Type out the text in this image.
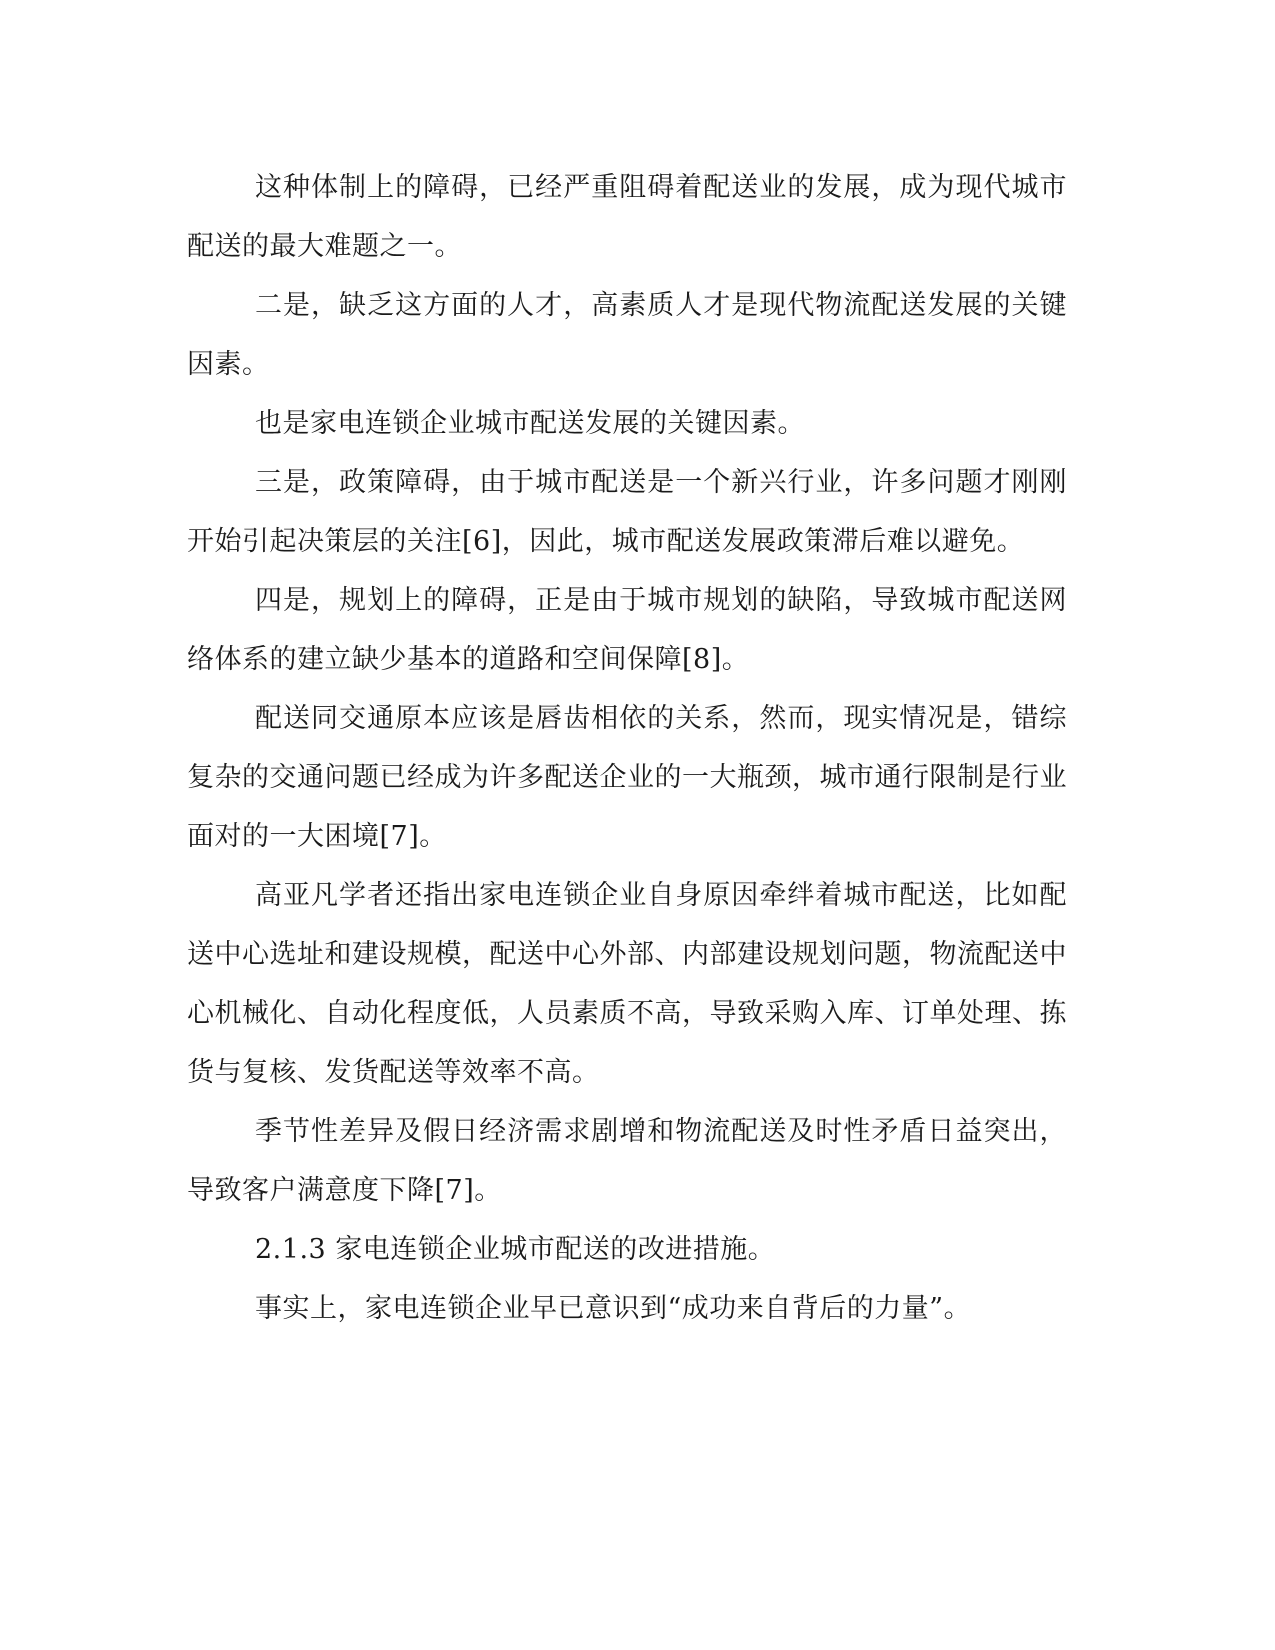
这种体制上的障碍，已经严重阻碍着配送业的发展，成为现代城市配送的最大难题之一。

二是，缺乏这方面的人才，高素质人才是现代物流配送发展的关键因素。

也是家电连锁企业城市配送发展的关键因素。

三是，政策障碍，由于城市配送是一个新兴行业，许多问题才刚刚开始引起决策层的关注[6]，因此，城市配送发展政策滞后难以避免。

四是，规划上的障碍，正是由于城市规划的缺陷，导致城市配送网络体系的建立缺少基本的道路和空间保障[8]。

配送同交通原本应该是唇齿相依的关系，然而，现实情况是，错综复杂的交通问题已经成为许多配送企业的一大瓶颈，城市通行限制是行业面对的一大困境[7]。

高亚凡学者还指出家电连锁企业自身原因牵绊着城市配送，比如配送中心选址和建设规模，配送中心外部、内部建设规划问题，物流配送中心机械化、自动化程度低，人员素质不高，导致采购入库、订单处理、拣货与复核、发货配送等效率不高。

季节性差异及假日经济需求剧增和物流配送及时性矛盾日益突出，导致客户满意度下降[7]。

2.1.3 家电连锁企业城市配送的改进措施。

事实上，家电连锁企业早已意识到“成功来自背后的力量”。
